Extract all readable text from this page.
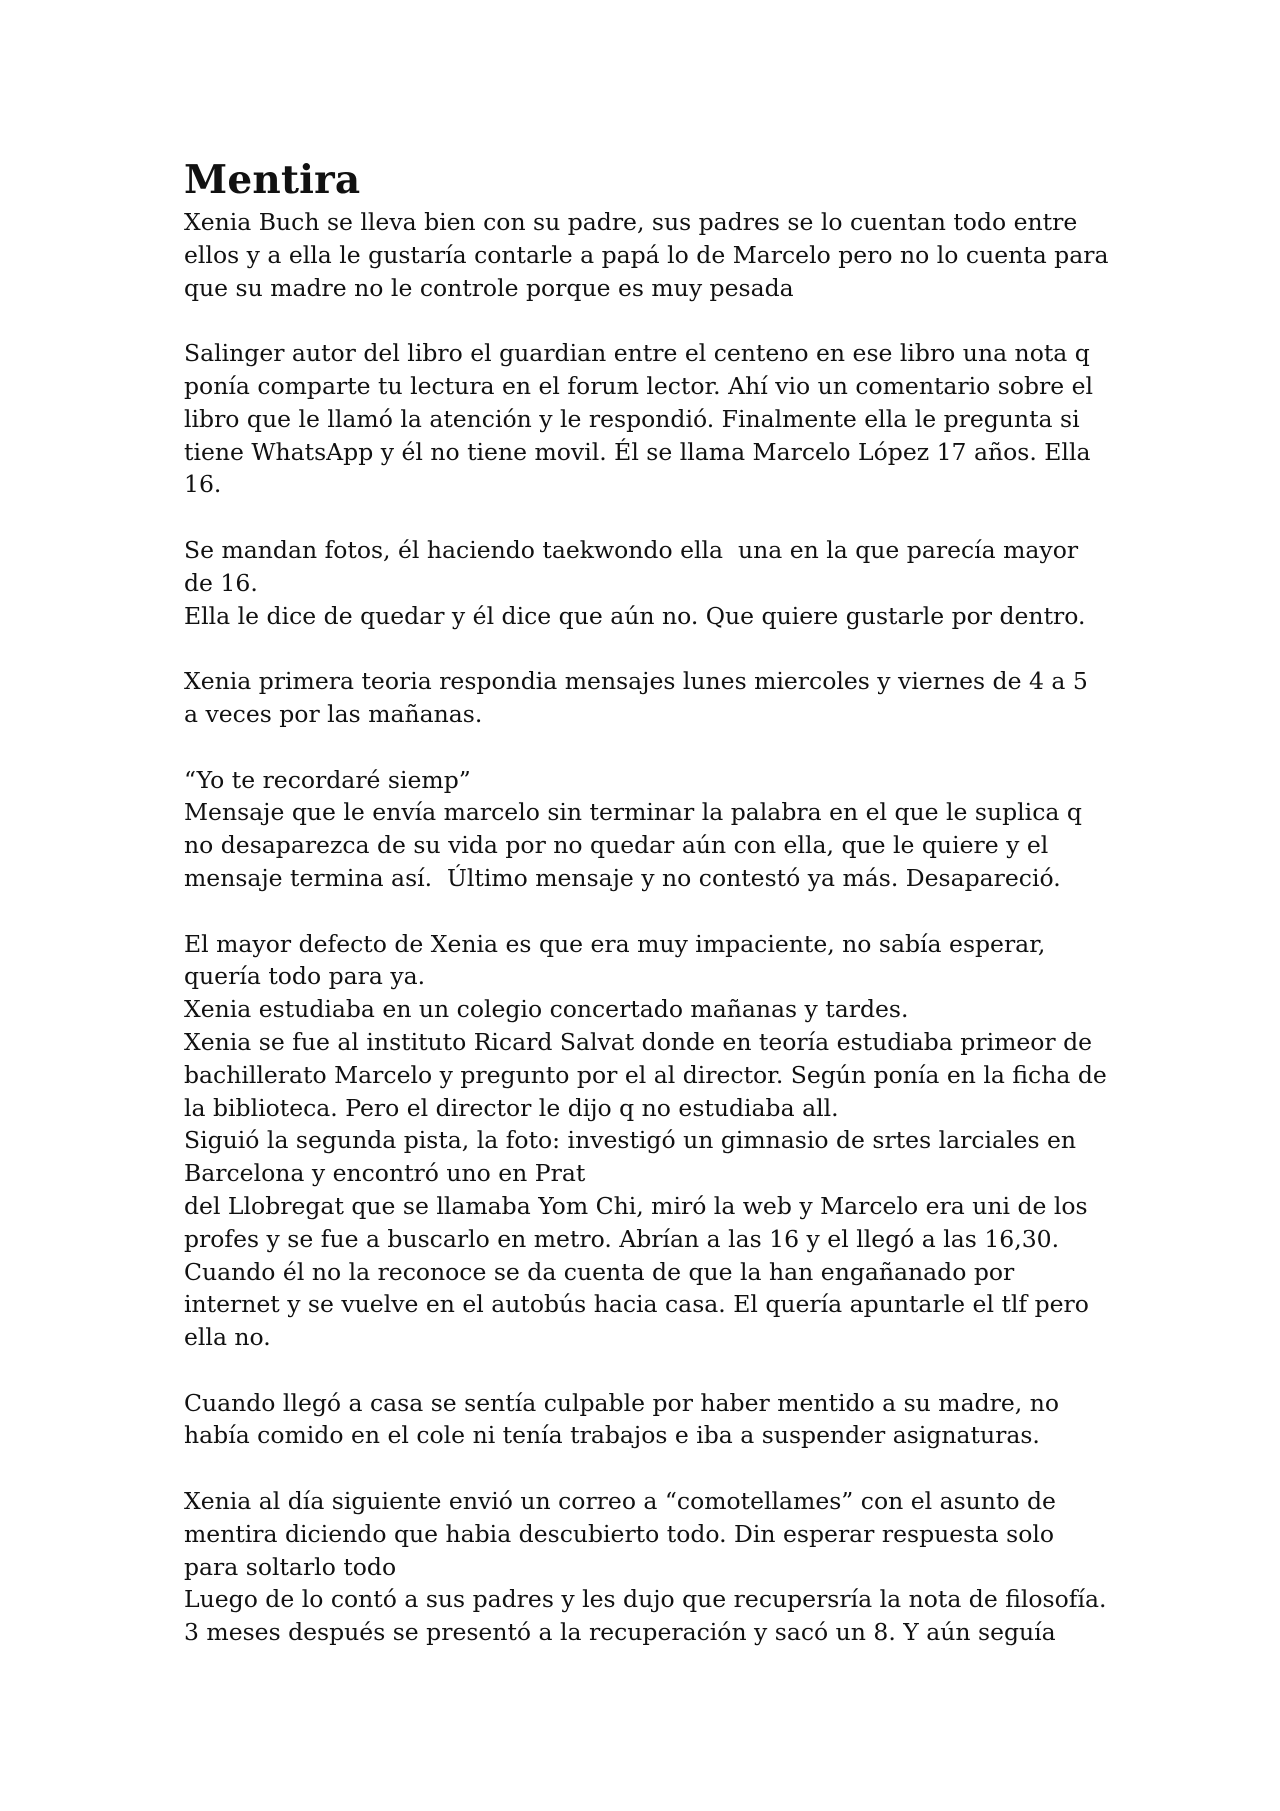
Mentira
Xenia Buch se lleva bien con su padre, sus padres se lo cuentan todo entre
ellos y a ella le gustaría contarle a papá lo de Marcelo pero no lo cuenta para
que su madre no le controle porque es muy pesada
Salinger autor del libro el guardian entre el centeno en ese libro una nota q
ponía comparte tu lectura en el forum lector. Ahí vio un comentario sobre el
libro que le llamó la atención y le respondió. Finalmente ella le pregunta si
tiene WhatsApp y él no tiene movil. Él se llama Marcelo López 17 años. Ella
16.
Se mandan fotos, él haciendo taekwondo ella  una en la que parecía mayor
de 16.
Ella le dice de quedar y él dice que aún no. Que quiere gustarle por dentro.
Xenia primera teoria respondia mensajes lunes miercoles y viernes de 4 a 5
a veces por las mañanas.
“Yo te recordaré siemp”
Mensaje que le envía marcelo sin terminar la palabra en el que le suplica q
no desaparezca de su vida por no quedar aún con ella, que le quiere y el
mensaje termina así.  Último mensaje y no contestó ya más. Desapareció.
El mayor defecto de Xenia es que era muy impaciente, no sabía esperar,
quería todo para ya.
Xenia estudiaba en un colegio concertado mañanas y tardes.
Xenia se fue al instituto Ricard Salvat donde en teoría estudiaba primeor de
bachillerato Marcelo y pregunto por el al director. Según ponía en la ficha de
la biblioteca. Pero el director le dijo q no estudiaba all.
Siguió la segunda pista, la foto: investigó un gimnasio de srtes larciales en
Barcelona y encontró uno en Prat
del Llobregat que se llamaba Yom Chi, miró la web y Marcelo era uni de los
profes y se fue a buscarlo en metro. Abrían a las 16 y el llegó a las 16,30.
Cuando él no la reconoce se da cuenta de que la han engañanado por
internet y se vuelve en el autobús hacia casa. El quería apuntarle el tlf pero
ella no.
Cuando llegó a casa se sentía culpable por haber mentido a su madre, no
había comido en el cole ni tenía trabajos e iba a suspender asignaturas.
Xenia al día siguiente envió un correo a “comotellames” con el asunto de
mentira diciendo que habia descubierto todo. Din esperar respuesta solo
para soltarlo todo
Luego de lo contó a sus padres y les dujo que recupersría la nota de filosofía.
3 meses después se presentó a la recuperación y sacó un 8. Y aún seguía
